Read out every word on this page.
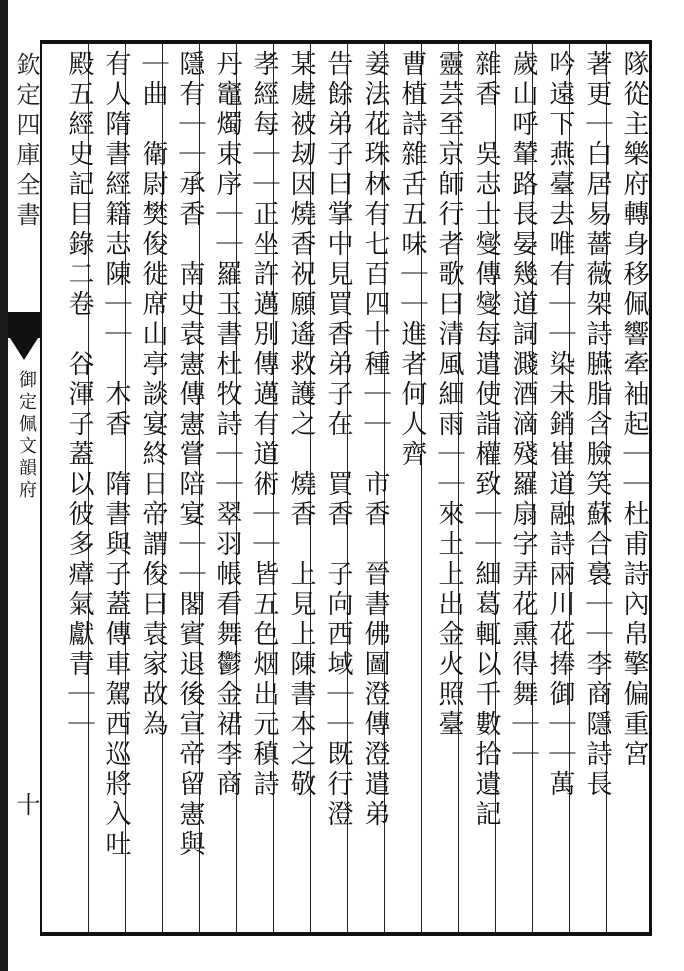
欽定四庫全書
御定佩文韻府
十
隊從主樂府轉身移佩響牽袖起｜｜杜甫詩內帛擎偏重宮
著更｜白居易薔薇架詩臙脂含臉笑蘇合裛｜｜李商隱詩長
吟遠下燕臺去唯有｜｜染未銷崔道融詩兩川花捧御｜｜萬
歲山呼輦路長晏幾道詞濺酒滴殘羅扇字弄花熏得舞｜｜
雜香　吳志士燮傳燮每遣使詣權致｜｜細葛輒以千數拾遺記
靈芸至京師行者歌曰清風細雨｜｜來土上出金火照臺
曹植詩雜舌五味｜｜進者何人齊
姜法花珠林有七百四十種｜｜　市香　晉書佛圖澄傳澄遣弟
告餘弟子曰掌中見買香弟子在　買香　子向西域｜｜既行澄
某處被刼因燒香祝願遙救護之　燒香　上見上陳書本之敬
孝經每｜｜正坐許邁別傳邁有道術｜｜皆五色烟出元稹詩
丹竈燭束序｜｜羅玉書杜牧詩｜｜翠羽帳看舞鬱金裙李商
隱有｜｜承香　南史袁憲傳憲嘗陪宴｜｜閣賓退後宣帝留憲與
｜曲　衛尉樊俊徙席山亭談宴終日帝謂俊曰袁家故為
有人隋書經籍志陳｜｜　木香　隋書與子蓋傳車駕西巡將入吐
殿五經史記目錄二卷　谷渾子蓋以彼多瘴氣獻青｜｜
